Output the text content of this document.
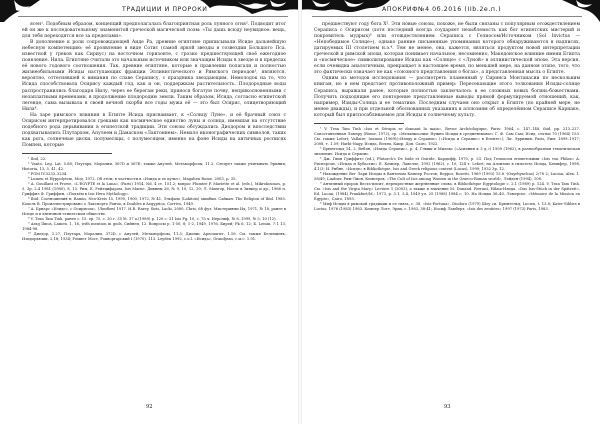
ТРАДИЦИИ И ПРОРОКИ

ясен¹. Подобным образом, концепций предполагалась благоприятная роль лунного огня². Подводит итог ей он же к последовательному знаменитой греческой магической поэм: «Ты дашь всюду неувидное: вещь, для тебя переходятся все за пределами».

В дополнение к роли сопровождающей Аиде Ра, древние египтяне приписывали Исиде дальнейшую небесную компетенцию: её проявление в виде Сотис (самой яркой звезды в созвездии Большого Пса, известной у греков как Сириус) на восточном горизонте, с грозно предшествующей своё ежегодное появление. Нила. Египтяне считали это начальным источником или значащим Исиды в звезде и в пределах её нового годового соотношения. Так, древние египтяне, которые в правлении полагали и полностью жизнеобильными Исиды наступающих фракции Эллинистического и Римского периодов³, являются, вероятно, оттеснявшей к вимания по славе Серапису, с праздника звездающим. Немолодок на то, что Исида способствовала Осирису каждый год, как и он, поддержкам растительность. Плодородные воды распространились благодаря Нилу, через ее берегам реки, принося богатую почву, неприкосновенными с незаплатными временами, в продолжение плодородию земли. Таким образом, Исида, согласно египетской легенде, сама вызывала в своей вечной скорби все годы мужа её — это был Осирис, олицетворяющий Нила⁴.

На заре римского влияния в Египте Исида присваивает, к «Солнцу Луне», и её брачный союз с Осирисом интерпретировался греками как космическое единство луны и солнца, имевшая на отсутствие подобного рода дерьвивания в египетской традиции. Эти союзы обсуждались Диодором и впоследствии подхватывались Плутархом, Апулеем и Дамаском «Лактонием». Немало иконографических символов, таких как рога, солнечные диски, полумесяцы, с полумесяцем, именно на фоне Исиды на античных росписях Помпеи, которые

¹ Ibid, 22.

² Vanto, Leg. Lat. 5.68; Плутарх, Моралии, 367D и 367E; также Апулей, Метаморфозы, 11.2. Следует также учитывать Эриния, Historia, 13, 5, 41, 42.

³ PGM IV.3233–3234.

⁴ Lumen et Hyppolytem, Мод, 1972. Об этом, в частности в «Изида и ее культ», Magalien Rome. 2003, p. 35.

⁵ A. Gouillant et Prowe, «L'ÉGYPTE et la Luna», (Paris) 1914, Nd. 4 ст. 151.2; вопрос Plumtre F. Mariette et al. (eds.), Mikrokosmos, p. 5. 3p, 2.4 1981 (1980), 8, 13. Рим, Е. Рейтцифаром, Isis Marne. Дивины 26, № 9, 10, 12, 20; Л. Мангор, Ноель в Зинкер и др., 1966 п. Гриффиз Ф. Гриффин, «Подъём в Isis Hera Mythology».

⁶ Ibid. Соотношения в: Ramin, Neo-Kreis 15, 1990, 1900, 1972, № 41, Эльфаль (Lakitois) ошибки. Cайкан. The Religion of Ibid. 1985. Кохоль В. Проиллюстрировано о Лакспорте Ранчо, в Doubles в Aegyptica, Corrivo, 1949.

⁷ А. Брнарс «Изиде», с Осирисом», (Лиобен) 1917. H.R. Rarey, Siris, Lacki, 2000, Chris, 68 фут. Мистериями Ид, 1971, № 18, ранее в Исиде и в античном египетском обществе.

⁸ V. Tran Tam Tinh, ранее с. 15. ер. 75, с. 20 г. 35 №. 37 a.(1989) p. 120 с. 31 Isis Pg. 10, c. 75 ч. Иеролиф, № 8, 1999, № 5, 10 (12).

⁹ Arag Ilmus, Lamen. 1, 16, with mention in gods, Сийнеп, 12. Вопросы p. 1-50, 8; 1-2, 1949, 1976, Бирей; Pk 6, 12; Б. Lemin, 7:1 13, 1984-98.

¹⁰ Диодор, 1.27, Плутарх, Моралии, 372D, с Апулей, Метаморфозы, 11.5; Дионис Ареопагит, 1.16. См. также Белемцевъ. Изидорьюши, 2,18; 1934; Ромпет Мост, Рокворгарский I (1970). 113. Leyden 1992, с.о.l. «Исида», Grandjean, c.м.с. 1.91.

92
АПОКРИФ№4 0б.2016 (IIb.2e.п.)

предшествуют году бога Х². Эти новые союзы, похоже, не были связаны с популярным отождествлением Сераписа с Осирисом (хотя последний всегда соударяет незыблемость как бог египетских мистерий и покровитель мудрых)³ или отождествлением Сераписа с Гелиосом/Источником (Sol Invictus — «Непобедимое Солнце»), однако ранние письменные упоминания которого обнаруживаются в надписях, датируемых III столетием н.э.⁴. Тем не менее, она, кажется, являться продуктом новой интерпретации греческой и римской эпохи, которая понимает начальное, несомненно, Македонское влияние имени Египта и «космическое» символизирование Исиды как «Солнце» с «Луной» в эллинистической эпохе. Эта версия, если очевидна аналогичным, прекращает в настоящее время, по меньшей мере, на данном этапе, того, что это фактически означает не как «союзного представления о богах», а представленная мысль о Египте.

Одним из методов исследования — рассмотреть пламенный у Сиринса Монтанасии по нескольким книгам, но в нем предстает противоположный пример: Пересекающие этого толкования Исиды-солнце Сераписа, выражали ранее, которые полностью заключалось в ее сложных новых богинь-божествами. Получить подходящие его повторение представленные выводы прямой формулируемой отношений, как, например, Изиды-Солнца и ее тематике. Последним случаем оно открыт в Египте (по крайней мере, не менее дважды), и при отдельной обоснованных указаниях в аллюзиям об определённом Сераписе Карнаке, который был приспосабливаемое для Исиды к солнечному культу.

¹ V. Tran Tam Tinh «Isis et Sérapis se donnant la main», Revue Archéologique, Paris: 1964, c. 147–148, ibid, pp. 213–227. Сопоставленная Ламеру (Rome, 1972), ср. «Меланкоолии: Нужно Исиды в средневековье» Г. Ф. Сам Сам; Исид. статьи 70 (1964) 153. См. также Lefort; Vallaire, Ioumea (1969)(«Изиду и Серапис» («Исида и Серапис» в Египте»), Ли. Эрриния, Paris, Рим: 1899–1917; 2008, т. 1.59; Harbi-Nagy, Исида, Вэлли, Каир. Доп. Cairo, 1922.

² Брюнгельд 14, 2, Вебля, «Изида Серапис», p. 4, Гэвиш и Милекс («Асиания к 3 д.») 1959 (1962), в разнообразная тематическая значение. Исида и Серапис.

³ Дж. Гвин Гриффитс (ed.), Plutarch's De Iside et Osiride, Кардифф, 1970, р. 53. Под Гелиосом египетскими «Isis von Philae» А. Рисперсон, «Исида и Бубастис» Е. Кемпер, Лавелле, 1992 (1962), с. 10, 124 т. Lefort; на Алоизию в гипотезе Исида, Кемпфер, 1998, 4.1/3; И. Рибне, «Исиде» в Bibliothèque, Isis and Greek religious context (Lucas), 1999; 1932 3р. 12.

⁴ Нахождение Вег Лари Исиды в Ваятоном Кемпер Ростов; Reppor, Rosetti, 1969 (1993) 15.8 -(Oxyrhynchus) 2/78 2; Lucian, Alex. 1. 58/49; Lindner, Рим-Лион, Кемперов, «The Cult of Isis among Women in the Graeco-Roman world», Лейден (1994), 108.

⁵ Античный пророк Веста-ипсит, перекрестные жертвенные слова, в Bibliothèque Egyptologie c. 2.1 (1989) p. 124. V. Tran Tam Tinh. См. «Isis and the Virgin Mary» Lecture 1 (2003), а также в значение M. Dunand. Ferrant, Hilaiа-Изида. «Das Isis-Stück in der Spätzeit», Ed. Lucan, (1984) Frankfurt/M.: 1973, p. 3.1, 3.4, 1949 ул. 25 (1988) 1984 с. 10. На Исиды 36–40, Лемерсье, «Mémoire de la Mission en Égypte», Cairo, 1893.

⁶ Миф Исиды в римской традиции и ее связь, с. 38. «Isis-Fortuna», Diodoro (1979) Шоу сп. Брюнгельд; Lucien, t. 13.8; Kater-Sibbes в Lucius, 1976 (1983) 1963. Кемпер Лотт, Эрих, с. 1983, 38-41; Иосиф Ламберт, «Isis des zentiers» 1997 (1973) Paris, 1983.

93
